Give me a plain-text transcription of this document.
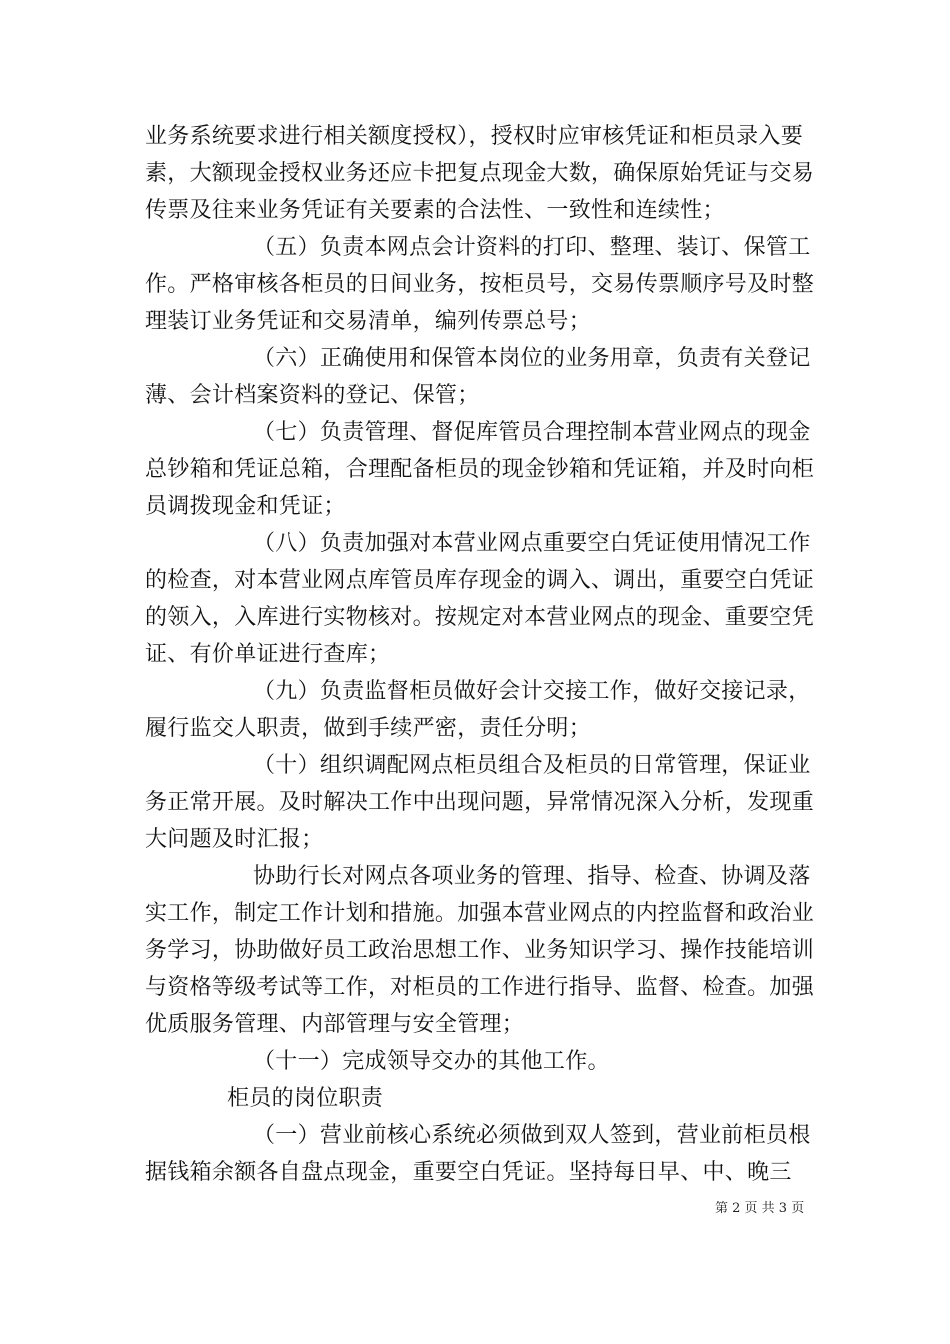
业务系统要求进行相关额度授权），授权时应审核凭证和柜员录入要素，大额现金授权业务还应卡把复点现金大数，确保原始凭证与交易传票及往来业务凭证有关要素的合法性、一致性和连续性；

（五）负责本网点会计资料的打印、整理、装订、保管工作。严格审核各柜员的日间业务，按柜员号，交易传票顺序号及时整理装订业务凭证和交易清单，编列传票总号；

（六）正确使用和保管本岗位的业务用章，负责有关登记薄、会计档案资料的登记、保管；

（七）负责管理、督促库管员合理控制本营业网点的现金总钞箱和凭证总箱，合理配备柜员的现金钞箱和凭证箱，并及时向柜员调拨现金和凭证；

（八）负责加强对本营业网点重要空白凭证使用情况工作的检查，对本营业网点库管员库存现金的调入、调出，重要空白凭证的领入，入库进行实物核对。按规定对本营业网点的现金、重要空凭证、有价单证进行查库；

（九）负责监督柜员做好会计交接工作，做好交接记录，履行监交人职责，做到手续严密，责任分明；

（十）组织调配网点柜员组合及柜员的日常管理，保证业务正常开展。及时解决工作中出现问题，异常情况深入分析，发现重大问题及时汇报；

协助行长对网点各项业务的管理、指导、检查、协调及落实工作，制定工作计划和措施。加强本营业网点的内控监督和政治业务学习，协助做好员工政治思想工作、业务知识学习、操作技能培训与资格等级考试等工作，对柜员的工作进行指导、监督、检查。加强优质服务管理、内部管理与安全管理；

（十一）完成领导交办的其他工作。

柜员的岗位职责

（一）营业前核心系统必须做到双人签到，营业前柜员根据钱箱余额各自盘点现金，重要空白凭证。坚持每日早、中、晚三

第 2 页 共 3 页
